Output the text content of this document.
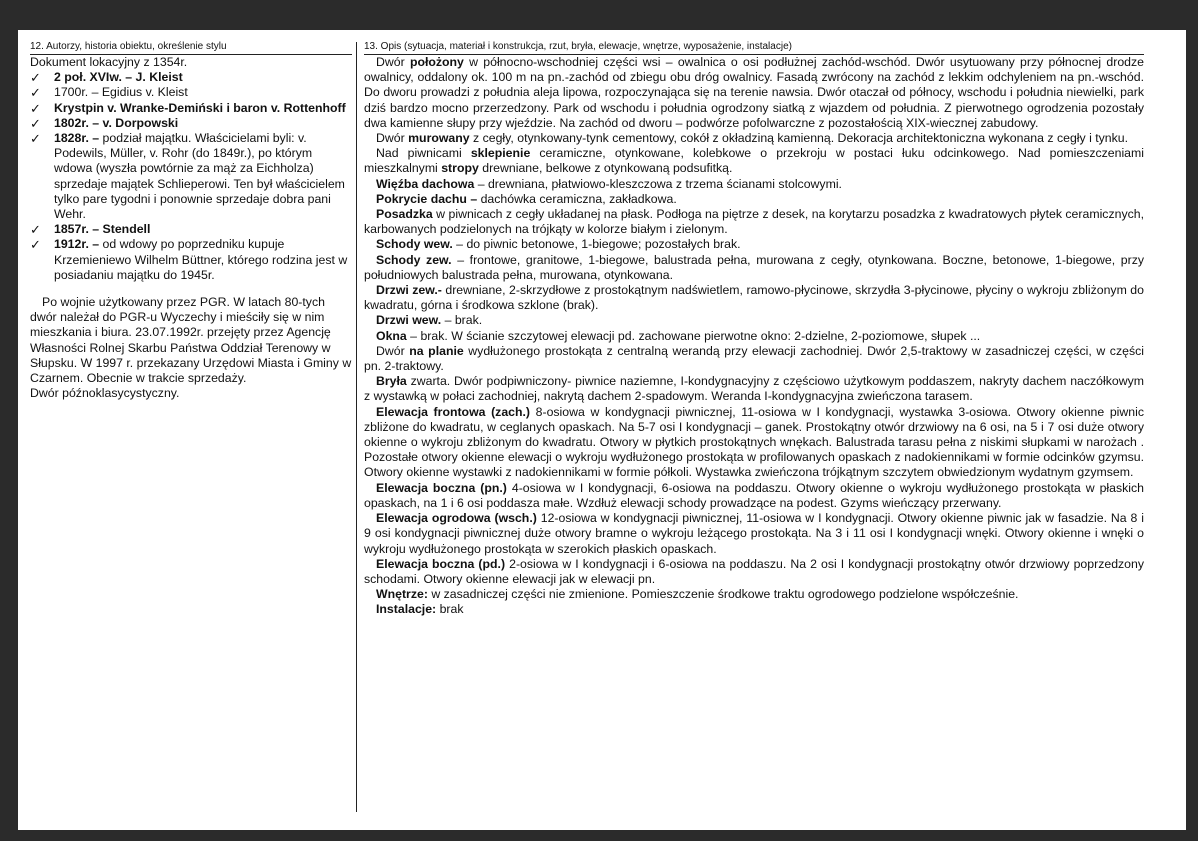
12. Autorzy, historia obiektu, określenie stylu

Dokument lokacyjny z 1354r.

✓	2 poł. XVIw. – J. Kleist
✓	1700r. – Egidius v. Kleist
✓	Krystpin v. Wranke-Demiński i baron v. Rottenhoff
✓	1802r. – v. Dorpowski
✓	1828r. – podział majątku. Właścicielami byli: v. Podewils, Müller, v. Rohr (do 1849r.), po którym wdowa (wyszła powtórnie za mąż za Eichholza) sprzedaje majątek Schlieperowi. Ten był właścicielem tylko pare tygodni i ponownie sprzedaje dobra pani Wehr.
✓	1857r. – Stendell
✓	1912r. – od wdowy po poprzedniku kupuje Krzemieniewo Wilhelm Büttner, którego rodzina jest w posiadaniu majątku do 1945r.

Po wojnie użytkowany przez PGR. W latach 80-tych dwór należał do PGR-u Wyczechy i mieściły się w nim mieszkania i biura. 23.07.1992r. przejęty przez Agencję Własności Rolnej Skarbu Państwa Oddział Terenowy w Słupsku. W 1997 r. przekazany Urzędowi Miasta i Gminy w Czarnem. Obecnie w trakcie sprzedaży.

Dwór późnoklasycystyczny.

13. Opis (sytuacja, materiał i konstrukcja, rzut, bryła, elewacje, wnętrze, wyposażenie, instalacje)

Dwór położony w północno-wschodniej części wsi – owalnica o osi podłużnej zachód-wschód. Dwór usytuowany przy północnej drodze owalnicy, oddalony ok. 100 m na pn.-zachód od zbiegu obu dróg owalnicy. Fasadą zwrócony na zachód z lekkim odchyleniem na pn.-wschód. Do dworu prowadzi z południa aleja lipowa, rozpoczynająca się na terenie nawsia. Dwór otaczał od północy, wschodu i południa niewielki, park dziś bardzo mocno przerzedzony. Park od wschodu i południa ogrodzony siatką z wjazdem od południa. Z pierwotnego ogrodzenia pozostały dwa kamienne słupy przy wjeździe. Na zachód od dworu – podwórze pofolwarczne z pozostałością XIX-wiecznej zabudowy.

Dwór murowany z cegły, otynkowany-tynk cementowy, cokół z okładziną kamienną. Dekoracja architektoniczna wykonana z cegły i tynku.

Nad piwnicami sklepienie ceramiczne, otynkowane, kolebkowe o przekroju w postaci łuku odcinkowego. Nad pomieszczeniami mieszkalnymi stropy drewniane, belkowe z otynkowaną podsufitką.

Więźba dachowa – drewniana, płatwiowo-kleszczowa z trzema ścianami stolcowymi.

Pokrycie dachu – dachówka ceramiczna, zakładkowa.

Posadzka w piwnicach z cegły układanej na płask. Podłoga na piętrze z desek, na korytarzu posadzka z kwadratowych płytek ceramicznych, karbowanych podzielonych na trójkąty w kolorze białym i zielonym.

Schody wew. – do piwnic betonowe, 1-biegowe; pozostałych brak.

Schody zew. – frontowe, granitowe, 1-biegowe, balustrada pełna, murowana z cegły, otynkowana. Boczne, betonowe, 1-biegowe, przy południowych balustrada pełna, murowana, otynkowana.

Drzwi zew.- drewniane, 2-skrzydłowe z prostokątnym nadświetlem, ramowo-płycinowe, skrzydła 3-płycinowe, płyciny o wykroju zbliżonym do kwadratu, górna i środkowa szklone (brak).

Drzwi wew. – brak.

Okna – brak. W ścianie szczytowej elewacji pd. zachowane pierwotne okno: 2-dzielne, 2-poziomowe, słupek ...

Dwór na planie wydłużonego prostokąta z centralną werandą przy elewacji zachodniej. Dwór 2,5-traktowy w zasadniczej części, w części pn. 2-traktowy.

Bryła zwarta. Dwór podpiwniczony- piwnice naziemne, I-kondygnacyjny z częściowo użytkowym poddaszem, nakryty dachem naczółkowym z wystawką w połaci zachodniej, nakrytą dachem 2-spadowym. Weranda I-kondygnacyjna zwieńczona tarasem.

Elewacja frontowa (zach.) 8-osiowa w kondygnacji piwnicznej, 11-osiowa w I kondygnacji, wystawka 3-osiowa. Otwory okienne piwnic zbliżone do kwadratu, w ceglanych opaskach. Na 5-7 osi I kondygnacji – ganek. Prostokątny otwór drzwiowy na 6 osi, na 5 i 7 osi duże otwory okienne o wykroju zbliżonym do kwadratu. Otwory w płytkich prostokątnych wnękach. Balustrada tarasu pełna z niskimi słupkami w narożach . Pozostałe otwory okienne elewacji o wykroju wydłużonego prostokąta w profilowanych opaskach z nadokiennikami w formie odcinków gzymsu. Otwory okienne wystawki z nadokiennikami w formie półkoli. Wystawka zwieńczona trójkątnym szczytem obwiedzionym wydatnym gzymsem.

Elewacja boczna (pn.) 4-osiowa w I kondygnacji, 6-osiowa na poddaszu. Otwory okienne o wykroju wydłużonego prostokąta w płaskich opaskach, na 1 i 6 osi poddasza małe. Wzdłuż elewacji schody prowadzące na podest. Gzyms wieńczący przerwany.

Elewacja ogrodowa (wsch.) 12-osiowa w kondygnacji piwnicznej, 11-osiowa w I kondygnacji. Otwory okienne piwnic jak w fasadzie. Na 8 i 9 osi kondygnacji piwnicznej duże otwory bramne o wykroju leżącego prostokąta. Na 3 i 11 osi I kondygnacji wnęki. Otwory okienne i wnęki o wykroju wydłużonego prostokąta w szerokich płaskich opaskach.

Elewacja boczna (pd.) 2-osiowa w I kondygnacji i 6-osiowa na poddaszu. Na 2 osi I kondygnacji prostokątny otwór drzwiowy poprzedzony schodami. Otwory okienne elewacji jak w elewacji pn.

Wnętrze: w zasadniczej części nie zmienione. Pomieszczenie środkowe traktu ogrodowego podzielone współcześnie.

Instalacje: brak
